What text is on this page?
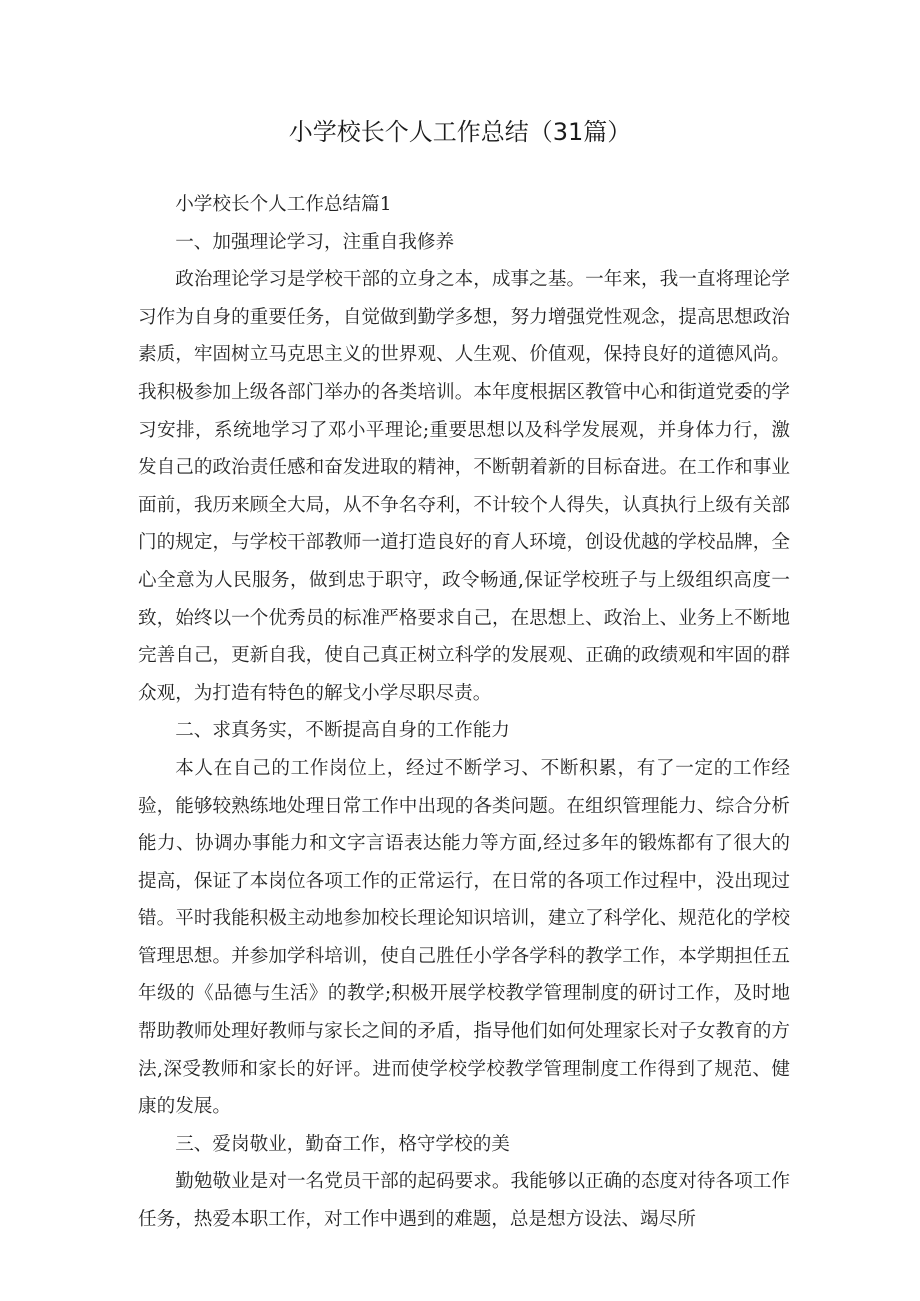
小学校长个人工作总结（31篇）

小学校长个人工作总结篇1

一、加强理论学习，注重自我修养

政治理论学习是学校干部的立身之本，成事之基。一年来，我一直将理论学习作为自身的重要任务，自觉做到勤学多想，努力增强党性观念，提高思想政治素质，牢固树立马克思主义的世界观、人生观、价值观，保持良好的道德风尚。我积极参加上级各部门举办的各类培训。本年度根据区教管中心和街道党委的学习安排，系统地学习了邓小平理论;重要思想以及科学发展观，并身体力行，激发自己的政治责任感和奋发进取的精神，不断朝着新的目标奋进。在工作和事业面前，我历来顾全大局，从不争名夺利，不计较个人得失，认真执行上级有关部门的规定，与学校干部教师一道打造良好的育人环境，创设优越的学校品牌，全心全意为人民服务，做到忠于职守，政令畅通,保证学校班子与上级组织高度一致，始终以一个优秀员的标准严格要求自己，在思想上、政治上、业务上不断地完善自己，更新自我，使自己真正树立科学的发展观、正确的政绩观和牢固的群众观，为打造有特色的解戈小学尽职尽责。

二、求真务实，不断提高自身的工作能力

本人在自己的工作岗位上，经过不断学习、不断积累，有了一定的工作经验，能够较熟练地处理日常工作中出现的各类问题。在组织管理能力、综合分析能力、协调办事能力和文字言语表达能力等方面,经过多年的锻炼都有了很大的提高，保证了本岗位各项工作的正常运行，在日常的各项工作过程中，没出现过错。平时我能积极主动地参加校长理论知识培训，建立了科学化、规范化的学校管理思想。并参加学科培训，使自己胜任小学各学科的教学工作，本学期担任五年级的《品德与生活》的教学;积极开展学校教学管理制度的研讨工作，及时地帮助教师处理好教师与家长之间的矛盾，指导他们如何处理家长对子女教育的方法,深受教师和家长的好评。进而使学校学校教学管理制度工作得到了规范、健康的发展。

三、爱岗敬业，勤奋工作，格守学校的美

勤勉敬业是对一名党员干部的起码要求。我能够以正确的态度对待各项工作任务，热爱本职工作，对工作中遇到的难题，总是想方设法、竭尽所
